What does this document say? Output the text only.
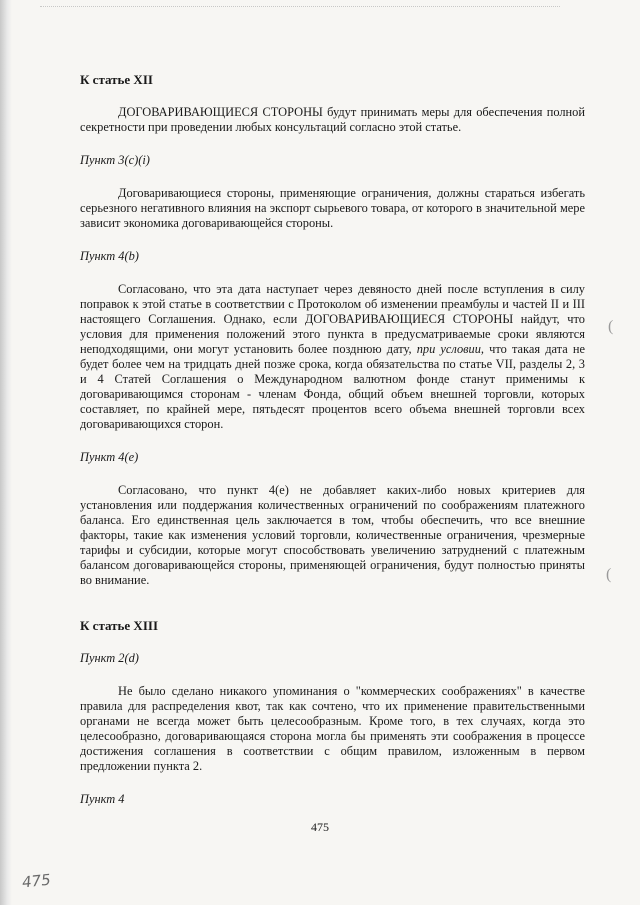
К статье XII

ДОГОВАРИВАЮЩИЕСЯ СТОРОНЫ будут принимать меры для обеспечения полной секретности при проведении любых консультаций согласно этой статье.

Пункт 3(c)(i)

Договаривающиеся стороны, применяющие ограничения, должны стараться избегать серьезного негативного влияния на экспорт сырьевого товара, от которого в значительной мере зависит экономика договаривающейся стороны.

Пункт 4(b)

Согласовано, что эта дата наступает через девяносто дней после вступления в силу поправок к этой статье в соответствии с Протоколом об изменении преамбулы и частей II и III настоящего Соглашения. Однако, если ДОГОВАРИВАЮЩИЕСЯ СТОРОНЫ найдут, что условия для применения положений этого пункта в предусматриваемые сроки являются неподходящими, они могут установить более позднюю дату, при условии, что такая дата не будет более чем на тридцать дней позже срока, когда обязательства по статье VII, разделы 2, 3 и 4 Статей Соглашения о Международном валютном фонде станут применимы к договаривающимся сторонам - членам Фонда, общий объем внешней торговли, которых составляет, по крайней мере, пятьдесят процентов всего объема внешней торговли всех договаривающихся сторон.

Пункт 4(e)

Согласовано, что пункт 4(e) не добавляет каких-либо новых критериев для установления или поддержания количественных ограничений по соображениям платежного баланса. Его единственная цель заключается в том, чтобы обеспечить, что все внешние факторы, такие как изменения условий торговли, количественные ограничения, чрезмерные тарифы и субсидии, которые могут способствовать увеличению затруднений с платежным балансом договаривающейся стороны, применяющей ограничения, будут полностью приняты во внимание.

К статье XIII

Пункт 2(d)

Не было сделано никакого упоминания о "коммерческих соображениях" в качестве правила для распределения квот, так как сочтено, что их применение правительственными органами не всегда может быть целесообразным. Кроме того, в тех случаях, когда это целесообразно, договаривающаяся сторона могла бы применять эти соображения в процессе достижения соглашения в соответствии с общим правилом, изложенным в первом предложении пункта 2.

Пункт 4

475
(
(
475
